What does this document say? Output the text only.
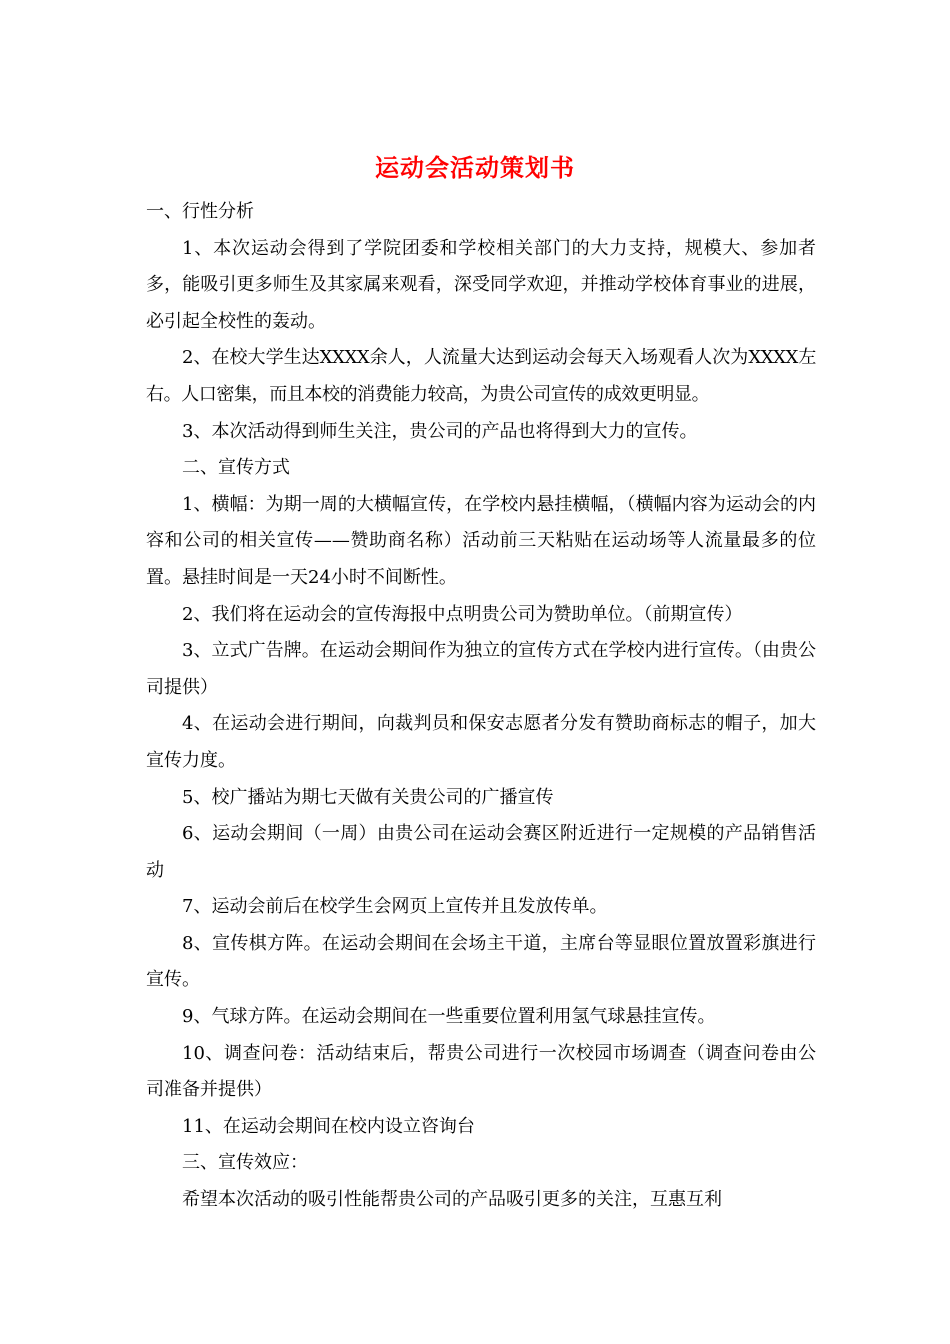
运动会活动策划书

一、行性分析

1、本次运动会得到了学院团委和学校相关部门的大力支持，规模大、参加者多，能吸引更多师生及其家属来观看，深受同学欢迎，并推动学校体育事业的进展，必引起全校性的轰动。

2、在校大学生达XXXX余人，人流量大达到运动会每天入场观看人次为XXXX左右。人口密集，而且本校的消费能力较高，为贵公司宣传的成效更明显。

3、本次活动得到师生关注，贵公司的产品也将得到大力的宣传。

二、宣传方式

1、横幅：为期一周的大横幅宣传，在学校内悬挂横幅，（横幅内容为运动会的内容和公司的相关宣传——赞助商名称）活动前三天粘贴在运动场等人流量最多的位置。悬挂时间是一天24小时不间断性。

2、我们将在运动会的宣传海报中点明贵公司为赞助单位。（前期宣传）

3、立式广告牌。在运动会期间作为独立的宣传方式在学校内进行宣传。（由贵公司提供）

4、在运动会进行期间，向裁判员和保安志愿者分发有赞助商标志的帽子，加大宣传力度。

5、校广播站为期七天做有关贵公司的广播宣传

6、运动会期间（一周）由贵公司在运动会赛区附近进行一定规模的产品销售活动

7、运动会前后在校学生会网页上宣传并且发放传单。

8、宣传棋方阵。在运动会期间在会场主干道，主席台等显眼位置放置彩旗进行宣传。

9、气球方阵。在运动会期间在一些重要位置利用氢气球悬挂宣传。

10、调查问卷：活动结束后，帮贵公司进行一次校园市场调查（调查问卷由公司准备并提供）

11、在运动会期间在校内设立咨询台

三、宣传效应：

希望本次活动的吸引性能帮贵公司的产品吸引更多的关注，互惠互利
